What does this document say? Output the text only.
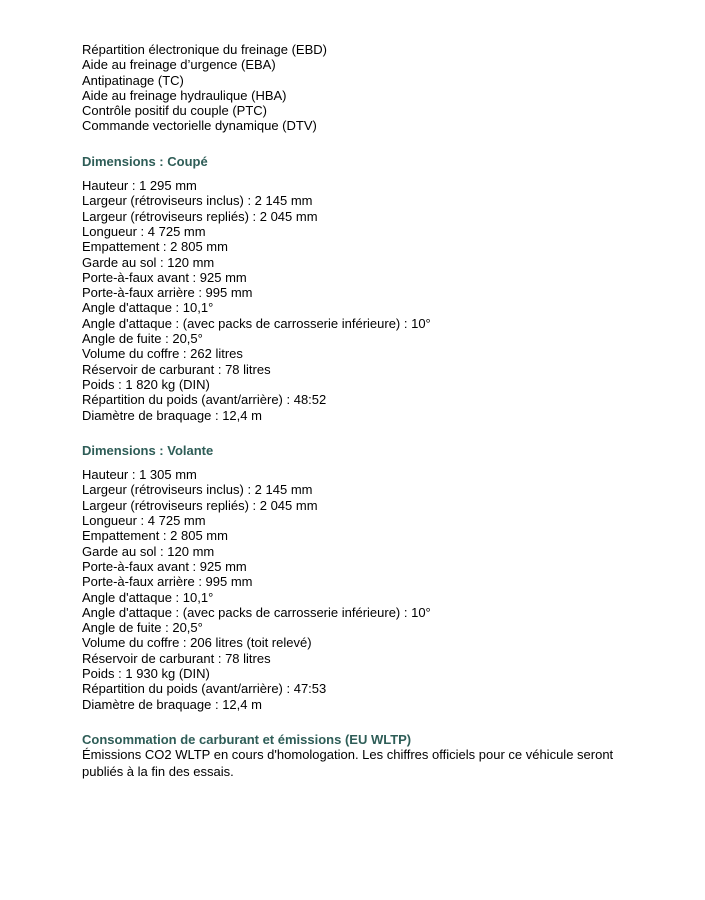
Répartition électronique du freinage (EBD)
Aide au freinage d’urgence (EBA)
Antipatinage (TC)
Aide au freinage hydraulique (HBA)
Contrôle positif du couple (PTC)
Commande vectorielle dynamique (DTV)
Dimensions : Coupé
Hauteur : 1 295 mm
Largeur (rétroviseurs inclus) : 2 145 mm
Largeur (rétroviseurs repliés) : 2 045 mm
Longueur : 4 725 mm
Empattement : 2 805 mm
Garde au sol : 120 mm
Porte-à-faux avant : 925 mm
Porte-à-faux arrière : 995 mm
Angle d'attaque : 10,1°
Angle d'attaque : (avec packs de carrosserie inférieure) : 10°
Angle de fuite : 20,5°
Volume du coffre : 262 litres
Réservoir de carburant : 78 litres
Poids : 1 820 kg (DIN)
Répartition du poids (avant/arrière) : 48:52
Diamètre de braquage : 12,4 m
Dimensions : Volante
Hauteur : 1 305 mm
Largeur (rétroviseurs inclus) : 2 145 mm
Largeur (rétroviseurs repliés) : 2 045 mm
Longueur : 4 725 mm
Empattement : 2 805 mm
Garde au sol : 120 mm
Porte-à-faux avant : 925 mm
Porte-à-faux arrière : 995 mm
Angle d'attaque : 10,1°
Angle d'attaque : (avec packs de carrosserie inférieure) : 10°
Angle de fuite : 20,5°
Volume du coffre : 206 litres (toit relevé)
Réservoir de carburant : 78 litres
Poids : 1 930 kg (DIN)
Répartition du poids (avant/arrière) : 47:53
Diamètre de braquage : 12,4 m
Consommation de carburant et émissions (EU WLTP)
Émissions CO2 WLTP en cours d'homologation. Les chiffres officiels pour ce véhicule seront publiés à la fin des essais.
